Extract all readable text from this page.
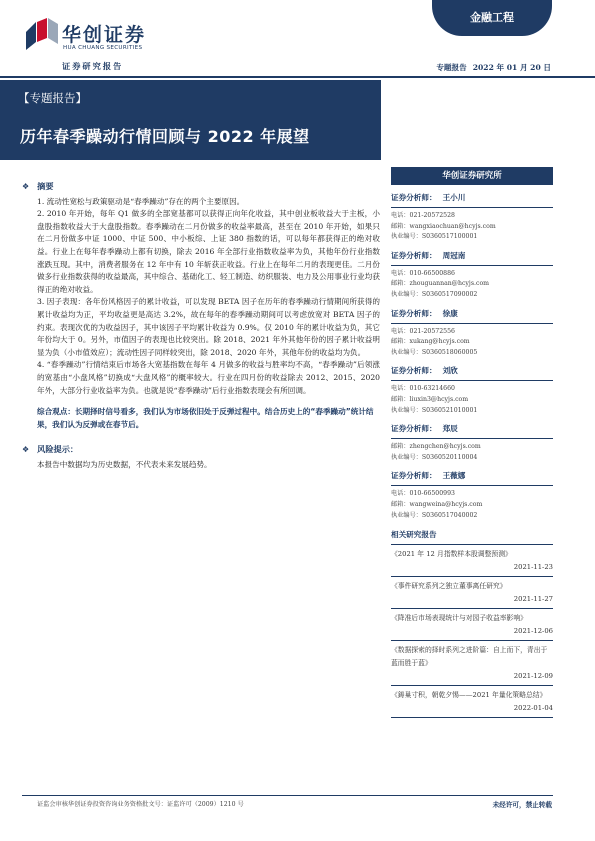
华创证券
HUA CHUANG SECURITIES
金融工程
证券研究报告	专题报告 2022 年 01 月 20 日
【专题报告】
历年春季躁动行情回顾与 2022 年展望
❖ 摘要
1. 流动性宽松与政策驱动是“春季躁动”存在的两个主要原因。
2. 2010 年开始，每年 Q1 做多的全部宽基都可以获得正向年化收益，其中创业板收益大于主板，小盘股指数收益大于大盘股指数。春季躁动在二月份做多的收益率最高，甚至在 2010 年开始，如果只在二月份做多中证 1000、中证 500、中小板综、上证 380 指数的话，可以每年都获得正的绝对收益。行业上在每年春季躁动上都有切换，除去 2016 年全部行业指数收益率为负，其他年份行业指数涨跌互现。其中，消费者服务在 12 年中有 10 年斩获正收益。行业上在每年二月的表现更佳。二月份做多行业指数获得的收益最高，其中综合、基础化工、轻工制造、纺织服装、电力及公用事业行业均获得正的绝对收益。
3. 因子表现：各年份风格因子的累计收益，可以发现 BETA 因子在历年的春季躁动行情期间所获得的累计收益均为正，平均收益更是高达 3.2%，故在每年的春季躁动期间可以考虑放宽对 BETA 因子的约束。表现次优的为收益因子，其中该因子平均累计收益为 0.9%。仅 2010 年的累计收益为负，其它年份均大于 0。另外，市值因子的表现也比较突出。除 2018、2021 年外其他年份的因子累计收益明显为负（小市值效应）；流动性因子同样较突出，除 2018、2020 年外，其他年份的收益均为负。
4. “春季躁动”行情结束后市场各大宽基指数在每年 4 月做多的收益与胜率均不高，“春季躁动”后领涨的宽基由“小盘风格”切换成“大盘风格”的概率较大。行业在四月份的收益除去 2012、2015、2020 年外，大部分行业收益率为负。也就是说“春季躁动”后行业指数表现会有所回调。
综合观点：长期择时信号看多，我们认为市场依旧处于反弹过程中。结合历史上的“春季躁动”统计结果，我们认为反弹或在春节后。
❖ 风险提示：
本报告中数据均为历史数据，不代表未来发展趋势。
华创证券研究所
证券分析师： 王小川
电话：021-20572528
邮箱：wangxiaochuan@hcyjs.com
执业编号：S0360517100001
证券分析师： 周冠南
电话：010-66500886
邮箱：zhouguannan@hcyjs.com
执业编号：S0360517090002
证券分析师： 徐康
电话：021-20572556
邮箱：xukang@hcyjs.com
执业编号：S0360518060005
证券分析师： 刘欣
电话：010-63214660
邮箱：liuxin3@hcyjs.com
执业编号：S0360521010001
证券分析师： 郑辰
邮箱：zhengchen@hcyjs.com
执业编号：S0360520110004
证券分析师： 王薇娜
电话：010-66500993
邮箱：wangweina@hcyjs.com
执业编号：S0360517040002
相关研究报告
《2021 年 12 月指数样本股调整预测》
2021-11-23
《事件研究系列之独立董事离任研究》
2021-11-27
《降准后市场表现统计与对园子收益率影响》
2021-12-06
《数据探索的择时系列之进阶篇：自上而下，青出于蓝而胜于蓝》
2021-12-09
《鋳巢寸积，朝乾夕惕——2021 年量化策略总结》
2022-01-04
证监会审核华创证券投资咨询业务资格批文号：证监许可（2009）1210 号	未经许可，禁止转载
